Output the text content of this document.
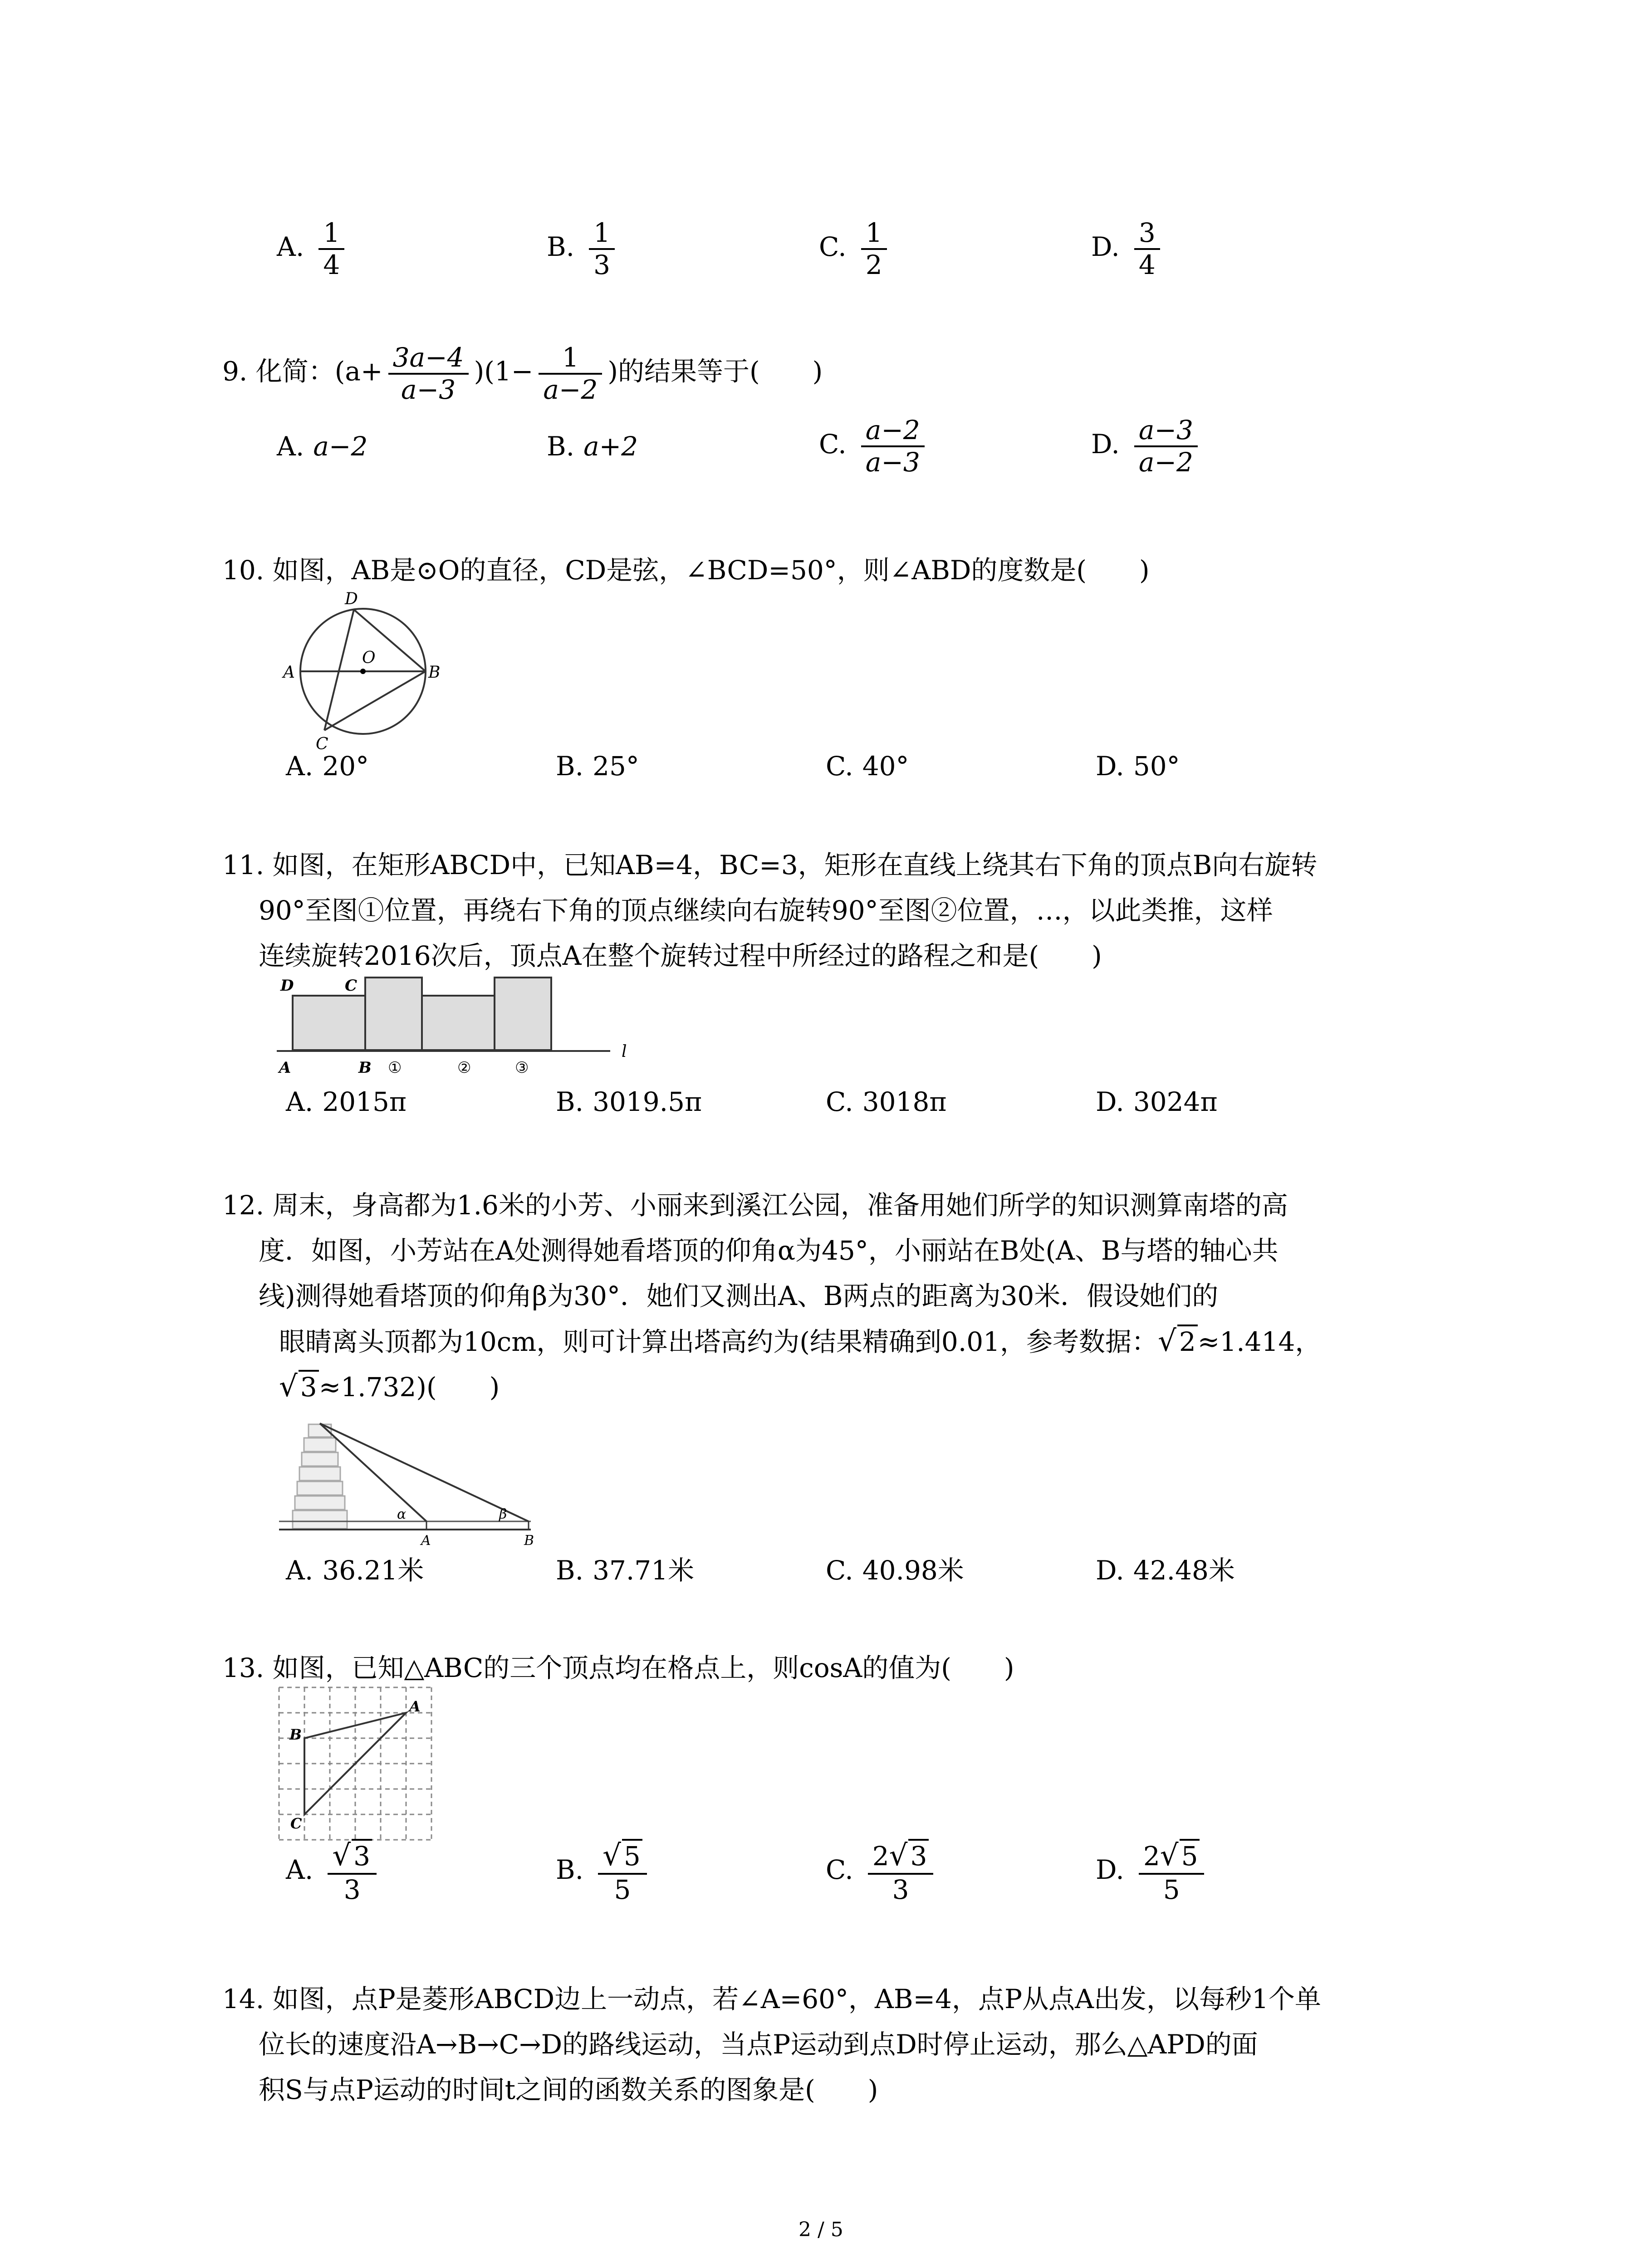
A. $\frac{1}{4}$	B. $\frac{1}{3}$	C. $\frac{1}{2}$	D. $\frac{3}{4}$
9. 化简：$(a+ \frac{3a-4}{a-3} )(1- \frac{1}{a-2}$ )的结果等于(　　)
A. a−2	B. a+2	C. $\frac{a-2}{a-3}$	D. $\frac{a-3}{a-2}$
10. 如图，AB是⊙O的直径，CD是弦，∠BCD=50°，则∠ABD的度数是(　　)
A	B
C
D
O
A. 20°	B. 25°	C. 40°	D. 50°
11. 如图，在矩形ABCD中，已知AB=4，BC=3，矩形在直线上绕其右下角的顶点B向右旋转
90°至图①位置，再绕右下角的顶点继续向右旋转90°至图②位置，…，以此类推，这样
连续旋转2016次后，顶点A在整个旋转过程中所经过的路程之和是(　　)
D	C
A	B ①	②	③
l
A. 2015π	B. 3019.5π	C. 3018π	D. 3024π
12. 周末，身高都为1.6米的小芳、小丽来到溪江公园，准备用她们所学的知识测算南塔的高
度．如图，小芳站在A处测得她看塔顶的仰角α为45°，小丽站在B处(A、B与塔的轴心共
线)测得她看塔顶的仰角β为30°．她们又测出A、B两点的距离为30米．假设她们的
眼睛离头顶都为10cm，则可计算出塔高约为(结果精确到0.01，参考数据：√ 2≈1.414，
√ 3≈1.732)(　　)
α	β
A	B
A. 36.21米	B. 37.71米	C. 40.98米	D. 42.48米
13. 如图，已知△ABC的三个顶点均在格点上，则cosA的值为(　　)
A
B
C
A. $\frac{√ 3}{3}$	B. $\frac{√ 5}{5}$	C. $\frac{2√ 3}{3}$	D. $\frac{2√ 5}{5}$
14. 如图，点P是菱形ABCD边上一动点，若∠A=60°，AB=4，点P从点A出发，以每秒1个单
位长的速度沿A→B→C→D的路线运动，当点P运动到点D时停止运动，那么△APD的面
积S与点P运动的时间t之间的函数关系的图象是(　　)
2 / 5
